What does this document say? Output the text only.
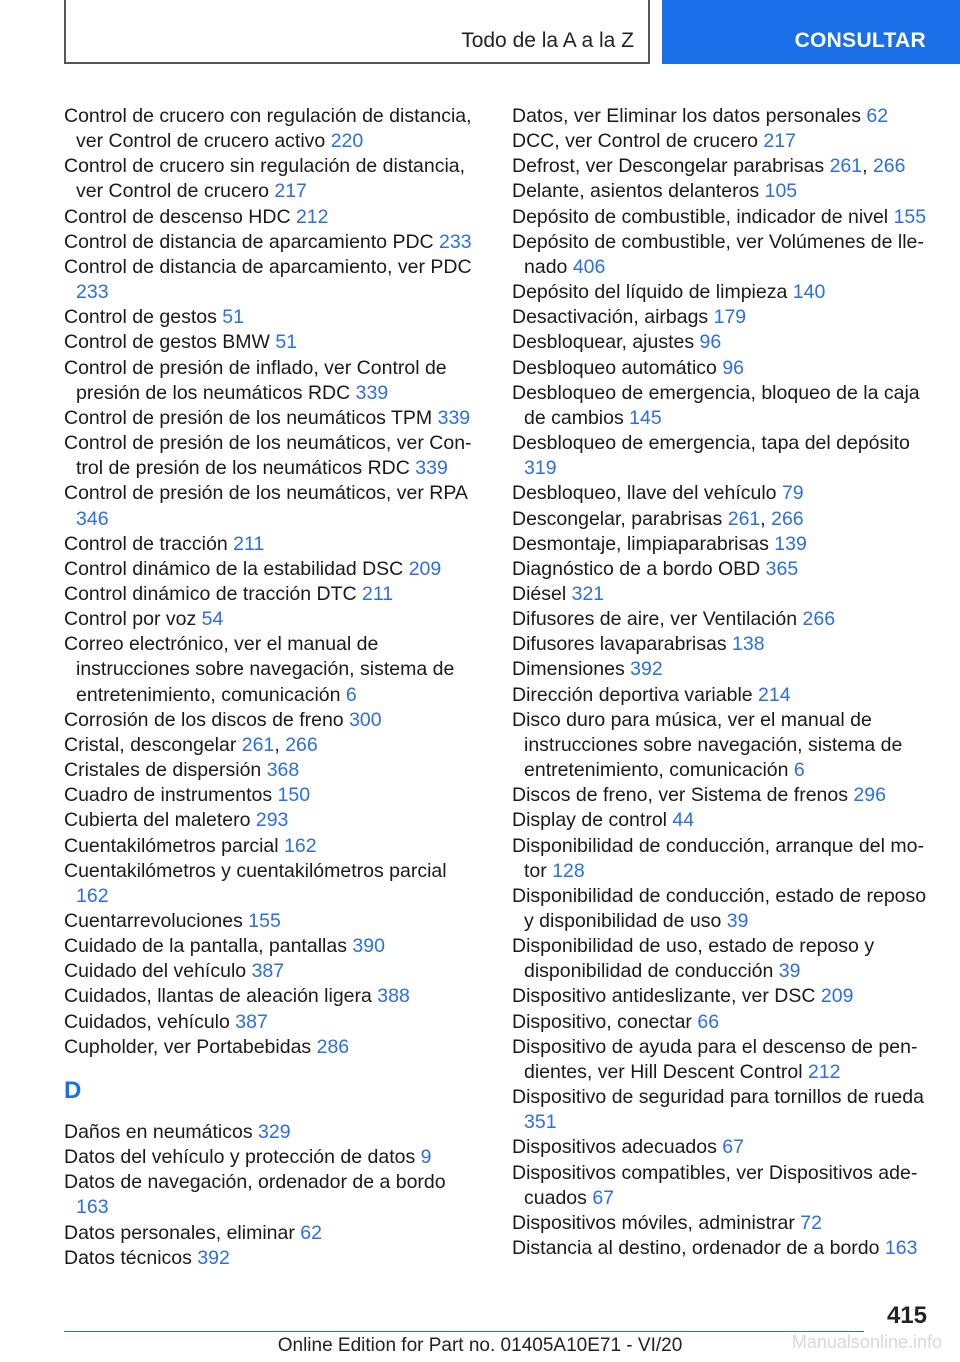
Todo de la A a la Z	CONSULTAR
Control de crucero con regulación de distancia, ver Control de crucero activo 220
Control de crucero sin regulación de distancia, ver Control de crucero 217
Control de descenso HDC 212
Control de distancia de aparcamiento PDC 233
Control de distancia de aparcamiento, ver PDC 233
Control de gestos 51
Control de gestos BMW 51
Control de presión de inflado, ver Control de presión de los neumáticos RDC 339
Control de presión de los neumáticos TPM 339
Control de presión de los neumáticos, ver Control de presión de los neumáticos RDC 339
Control de presión de los neumáticos, ver RPA 346
Control de tracción 211
Control dinámico de la estabilidad DSC 209
Control dinámico de tracción DTC 211
Control por voz 54
Correo electrónico, ver el manual de instrucciones sobre navegación, sistema de entretenimiento, comunicación 6
Corrosión de los discos de freno 300
Cristal, descongelar 261, 266
Cristales de dispersión 368
Cuadro de instrumentos 150
Cubierta del maletero 293
Cuentakilómetros parcial 162
Cuentakilómetros y cuentakilómetros parcial 162
Cuentarrevoluciones 155
Cuidado de la pantalla, pantallas 390
Cuidado del vehículo 387
Cuidados, llantas de aleación ligera 388
Cuidados, vehículo 387
Cupholder, ver Portabebidas 286
D
Daños en neumáticos 329
Datos del vehículo y protección de datos 9
Datos de navegación, ordenador de a bordo 163
Datos personales, eliminar 62
Datos técnicos 392
Datos, ver Eliminar los datos personales 62
DCC, ver Control de crucero 217
Defrost, ver Descongelar parabrisas 261, 266
Delante, asientos delanteros 105
Depósito de combustible, indicador de nivel 155
Depósito de combustible, ver Volúmenes de llenado 406
Depósito del líquido de limpieza 140
Desactivación, airbags 179
Desbloquear, ajustes 96
Desbloqueo automático 96
Desbloqueo de emergencia, bloqueo de la caja de cambios 145
Desbloqueo de emergencia, tapa del depósito 319
Desbloqueo, llave del vehículo 79
Descongelar, parabrisas 261, 266
Desmontaje, limpiaparabrisas 139
Diagnóstico de a bordo OBD 365
Diésel 321
Difusores de aire, ver Ventilación 266
Difusores lavaparabrisas 138
Dimensiones 392
Dirección deportiva variable 214
Disco duro para música, ver el manual de instrucciones sobre navegación, sistema de entretenimiento, comunicación 6
Discos de freno, ver Sistema de frenos 296
Display de control 44
Disponibilidad de conducción, arranque del motor 128
Disponibilidad de conducción, estado de reposo y disponibilidad de uso 39
Disponibilidad de uso, estado de reposo y disponibilidad de conducción 39
Dispositivo antideslizante, ver DSC 209
Dispositivo, conectar 66
Dispositivo de ayuda para el descenso de pendientes, ver Hill Descent Control 212
Dispositivo de seguridad para tornillos de rueda 351
Dispositivos adecuados 67
Dispositivos compatibles, ver Dispositivos adecuados 67
Dispositivos móviles, administrar 72
Distancia al destino, ordenador de a bordo 163
415
Online Edition for Part no. 01405A10E71 - VI/20	Manualsonline.info
